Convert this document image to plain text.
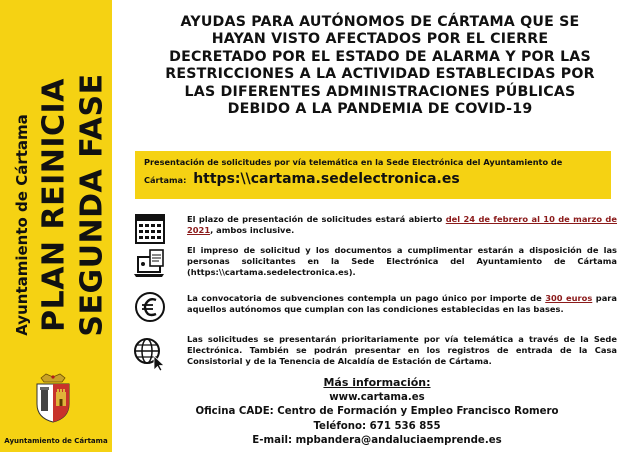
Ayuntamiento de Cártama PLAN REINICIA SEGUNDA FASE
Ayuntamiento de Cártama
AYUDAS PARA AUTÓNOMOS DE CÁRTAMA QUE SE
HAYAN VISTO AFECTADOS POR EL CIERRE
DECRETADO POR EL ESTADO DE ALARMA Y POR LAS
RESTRICCIONES A LA ACTIVIDAD ESTABLECIDAS POR
LAS DIFERENTES ADMINISTRACIONES PÚBLICAS
DEBIDO A LA PANDEMIA DE COVID-19
Presentación de solicitudes por vía telemática en la Sede Electrónica del Ayuntamiento de
Cártama: https:\\cartama.sedelectronica.es
El plazo de presentación de solicitudes estará abierto del 24 de febrero al 10 de marzo de 2021, ambos inclusive.
El impreso de solicitud y los documentos a cumplimentar estarán a disposición de las personas solicitantes en la Sede Electrónica del Ayuntamiento de Cártama (https:\\cartama.sedelectronica.es).
La convocatoria de subvenciones contempla un pago único por importe de 300 euros para aquellos autónomos que cumplan con las condiciones establecidas en las bases.
Las solicitudes se presentarán prioritariamente por vía telemática a través de la Sede Electrónica. También se podrán presentar en los registros de entrada de la Casa Consistorial y de la Tenencia de Alcaldía de Estación de Cártama.
Más información:
www.cartama.es
Oficina CADE: Centro de Formación y Empleo Francisco Romero
Teléfono: 671 536 855
E-mail: mpbandera@andaluciaemprende.es
